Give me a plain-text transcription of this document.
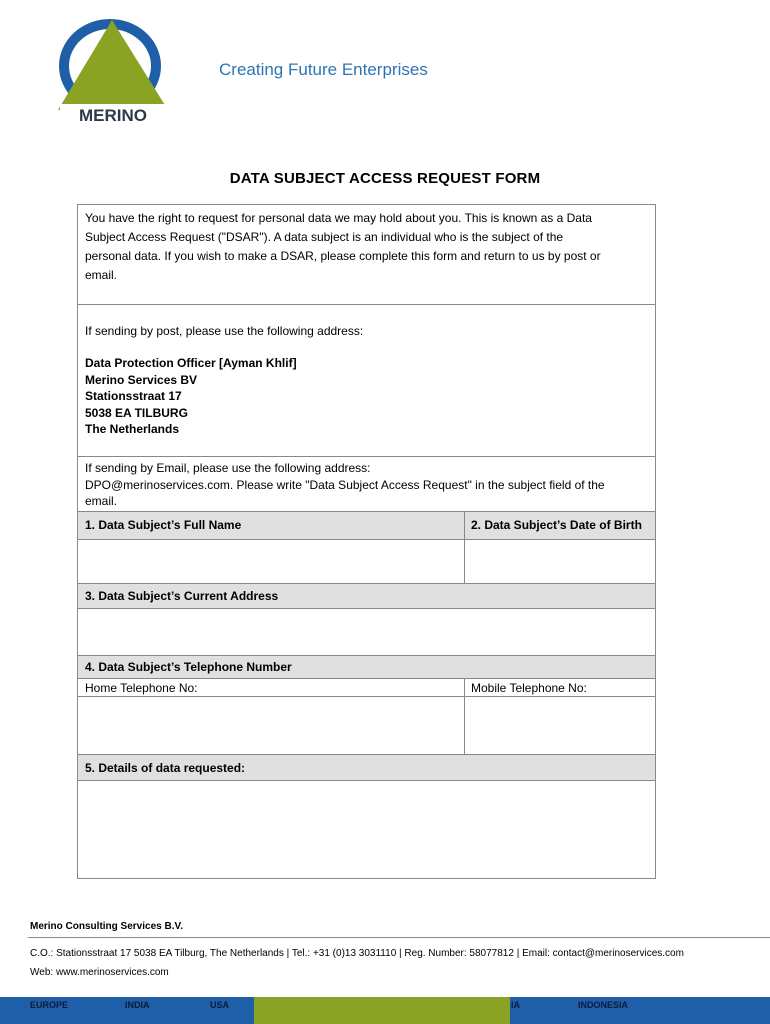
MERINO
Creating Future Enterprises
DATA SUBJECT ACCESS REQUEST FORM
You have the right to request for personal data we may hold about you. This is known as a Data
Subject Access Request ("DSAR"). A data subject is an individual who is the subject of the
personal data. If you wish to make a DSAR, please complete this form and return to us by post or
email.
If sending by post, please use the following address:
Data Protection Officer [Ayman Khlif]
Merino Services BV
Stationsstraat 17
5038 EA TILBURG
The Netherlands
If sending by Email, please use the following address:
DPO@merinoservices.com. Please write "Data Subject Access Request" in the subject field of the
email.
1. Data Subject’s Full Name	2. Data Subject’s Date of Birth
3. Data Subject’s Current Address
4. Data Subject’s Telephone Number
Home Telephone No:	Mobile Telephone No:
5. Details of data requested:
Merino Consulting Services B.V.
C.O.: Stationsstraat 17 5038 EA Tilburg, The Netherlands | Tel.: +31 (0)13 3031110 | Reg. Number: 58077812 | Email: contact@merinoservices.com
Web: www.merinoservices.com
EUROPE	INDIA	USA	IA	INDONESIA
